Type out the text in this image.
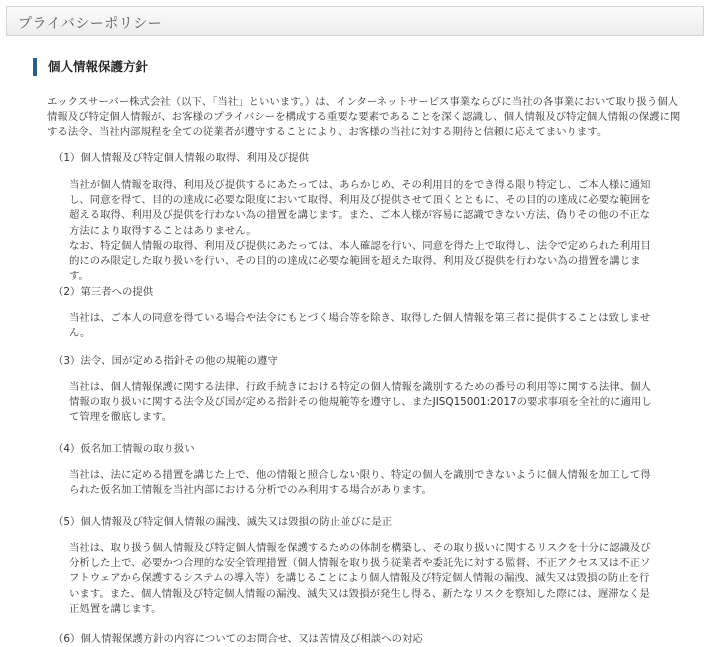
プライバシーポリシー
個人情報保護方針

エックスサーバー株式会社（以下、「当社」といいます。）は、インターネットサービス事業ならびに当社の各事業において取り扱う個人情報及び特定個人情報が、お客様のプライバシーを構成する重要な要素であることを深く認識し、個人情報及び特定個人情報の保護に関する法令、当社内部規程を全ての従業者が遵守することにより、お客様の当社に対する期待と信頼に応えてまいります。

（1）個人情報及び特定個人情報の取得、利用及び提供

当社が個人情報を取得、利用及び提供するにあたっては、あらかじめ、その利用目的をでき得る限り特定し、ご本人様に通知し、同意を得て、目的の達成に必要な限度において取得、利用及び提供させて頂くとともに、その目的の達成に必要な範囲を超える取得、利用及び提供を行わない為の措置を講じます。また、ご本人様が容易に認識できない方法、偽りその他の不正な方法により取得することはありません。

なお、特定個人情報の取得、利用及び提供にあたっては、本人確認を行い、同意を得た上で取得し、法令で定められた利用目的にのみ限定した取り扱いを行い、その目的の達成に必要な範囲を超えた取得、利用及び提供を行わない為の措置を講じます。

（2）第三者への提供

当社は、ご本人の同意を得ている場合や法令にもとづく場合等を除き、取得した個人情報を第三者に提供することは致しません。

（3）法令、国が定める指針その他の規範の遵守

当社は、個人情報保護に関する法律、行政手続きにおける特定の個人情報を識別するための番号の利用等に関する法律、個人情報の取り扱いに関する法令及び国が定める指針その他規範等を遵守し、またJISQ15001:2017の要求事項を全社的に適用して管理を徹底します。

（4）仮名加工情報の取り扱い

当社は、法に定める措置を講じた上で、他の情報と照合しない限り、特定の個人を識別できないように個人情報を加工して得られた仮名加工情報を当社内部における分析でのみ利用する場合があります。

（5）個人情報及び特定個人情報の漏洩、滅失又は毀損の防止並びに是正

当社は、取り扱う個人情報及び特定個人情報を保護するための体制を構築し、その取り扱いに関するリスクを十分に認識及び分析した上で、必要かつ合理的な安全管理措置（個人情報を取り扱う従業者や委託先に対する監督、不正アクセス又は不正ソフトウェアから保護するシステムの導入等）を講じることにより個人情報及び特定個人情報の漏洩、滅失又は毀損の防止を行います。また、個人情報及び特定個人情報の漏洩、滅失又は毀損が発生し得る、新たなリスクを察知した際には、遅滞なく是正処置を講じます。

（6）個人情報保護方針の内容についてのお問合せ、又は苦情及び相談への対応
